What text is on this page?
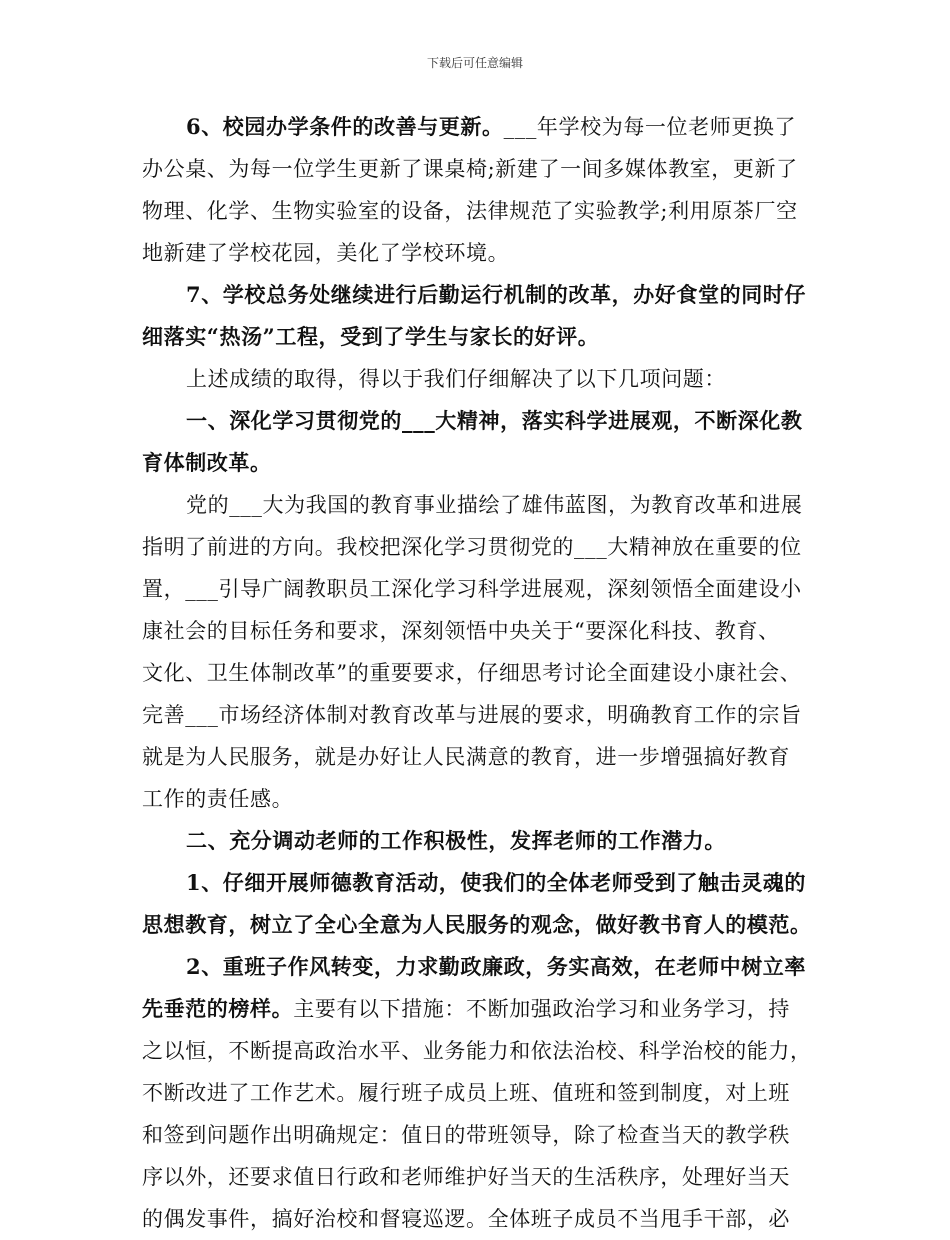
下载后可任意编辑
6、校园办学条件的改善与更新。___年学校为每一位老师更换了
办公桌、为每一位学生更新了课桌椅;新建了一间多媒体教室，更新了
物理、化学、生物实验室的设备，法律规范了实验教学;利用原茶厂空
地新建了学校花园，美化了学校环境。
7、学校总务处继续进行后勤运行机制的改革，办好食堂的同时仔
细落实“热汤”工程，受到了学生与家长的好评。
上述成绩的取得，得以于我们仔细解决了以下几项问题：
一、深化学习贯彻党的___大精神，落实科学进展观，不断深化教
育体制改革。
党的___大为我国的教育事业描绘了雄伟蓝图，为教育改革和进展
指明了前进的方向。我校把深化学习贯彻党的___大精神放在重要的位
置，___引导广阔教职员工深化学习科学进展观，深刻领悟全面建设小
康社会的目标任务和要求，深刻领悟中央关于“要深化科技、教育、
文化、卫生体制改革”的重要要求，仔细思考讨论全面建设小康社会、
完善___市场经济体制对教育改革与进展的要求，明确教育工作的宗旨
就是为人民服务，就是办好让人民满意的教育，进一步增强搞好教育
工作的责任感。
二、充分调动老师的工作积极性，发挥老师的工作潜力。
1、仔细开展师德教育活动，使我们的全体老师受到了触击灵魂的
思想教育，树立了全心全意为人民服务的观念，做好教书育人的模范。
2、重班子作风转变，力求勤政廉政，务实高效，在老师中树立率
先垂范的榜样。主要有以下措施：不断加强政治学习和业务学习，持
之以恒，不断提高政治水平、业务能力和依法治校、科学治校的能力，
不断改进了工作艺术。履行班子成员上班、值班和签到制度，对上班
和签到问题作出明确规定：值日的带班领导，除了检查当天的教学秩
序以外，还要求值日行政和老师维护好当天的生活秩序，处理好当天
的偶发事件，搞好治校和督寝巡逻。全体班子成员不当甩手干部，必
